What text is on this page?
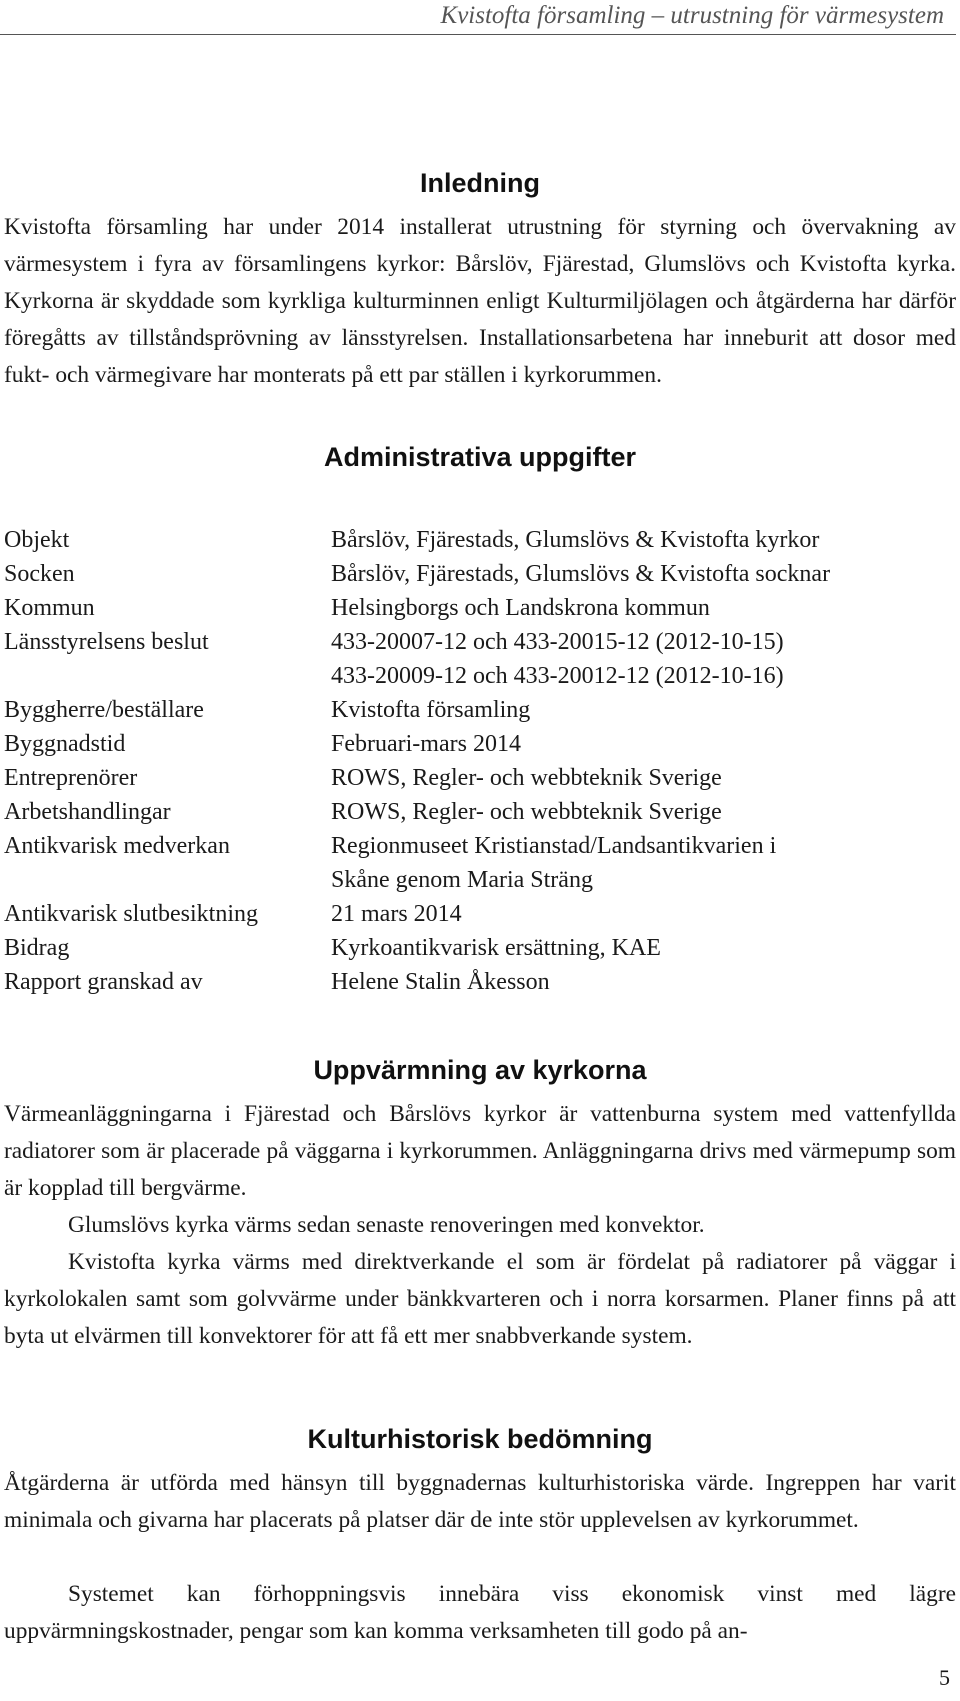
Kvistofta församling – utrustning för värmesystem
Inledning

Kvistofta församling har under 2014 installerat utrustning för styrning och övervakning av värmesystem i fyra av församlingens kyrkor: Bårslöv, Fjärestad, Glumslövs och Kvistofta kyrka. Kyrkorna är skyddade som kyrkliga kulturminnen enligt Kulturmiljölagen och åtgärderna har därför föregåtts av tillståndsprövning av länsstyrelsen. Installationsarbetena har inneburit att dosor med fukt- och värmegivare har monterats på ett par ställen i kyrkorummen.

Administrativa uppgifter
Objekt	Bårslöv, Fjärestads, Glumslövs & Kvistofta kyrkor
Socken	Bårslöv, Fjärestads, Glumslövs & Kvistofta socknar
Kommun	Helsingborgs och Landskrona kommun
Länsstyrelsens beslut	433-20007-12 och 433-20015-12 (2012-10-15)
433-20009-12 och 433-20012-12 (2012-10-16)
Byggherre/beställare	Kvistofta församling
Byggnadstid	Februari-mars 2014
Entreprenörer	ROWS, Regler- och webbteknik Sverige
Arbetshandlingar	ROWS, Regler- och webbteknik Sverige
Antikvarisk medverkan	Regionmuseet Kristianstad/Landsantikvarien i
Skåne genom Maria Sträng
Antikvarisk slutbesiktning	21 mars 2014
Bidrag	Kyrkoantikvarisk ersättning, KAE
Rapport granskad av	Helene Stalin Åkesson
Uppvärmning av kyrkorna

Värmeanläggningarna i Fjärestad och Bårslövs kyrkor är vattenburna system med vattenfyllda radiatorer som är placerade på väggarna i kyrkorummen. Anläggningarna drivs med värmepump som är kopplad till bergvärme.

Glumslövs kyrka värms sedan senaste renoveringen med konvektor.

Kvistofta kyrka värms med direktverkande el som är fördelat på radiatorer på väggar i kyrkolokalen samt som golvvärme under bänkkvarteren och i norra korsarmen. Planer finns på att byta ut elvärmen till konvektorer för att få ett mer snabbverkande system.

Kulturhistorisk bedömning

Åtgärderna är utförda med hänsyn till byggnadernas kulturhistoriska värde. Ingreppen har varit minimala och givarna har placerats på platser där de inte stör upplevelsen av kyrkorummet.

Systemet kan förhoppningsvis innebära viss ekonomisk vinst med lägre uppvärmningskostnader, pengar som kan komma verksamheten till godo på an-

5
